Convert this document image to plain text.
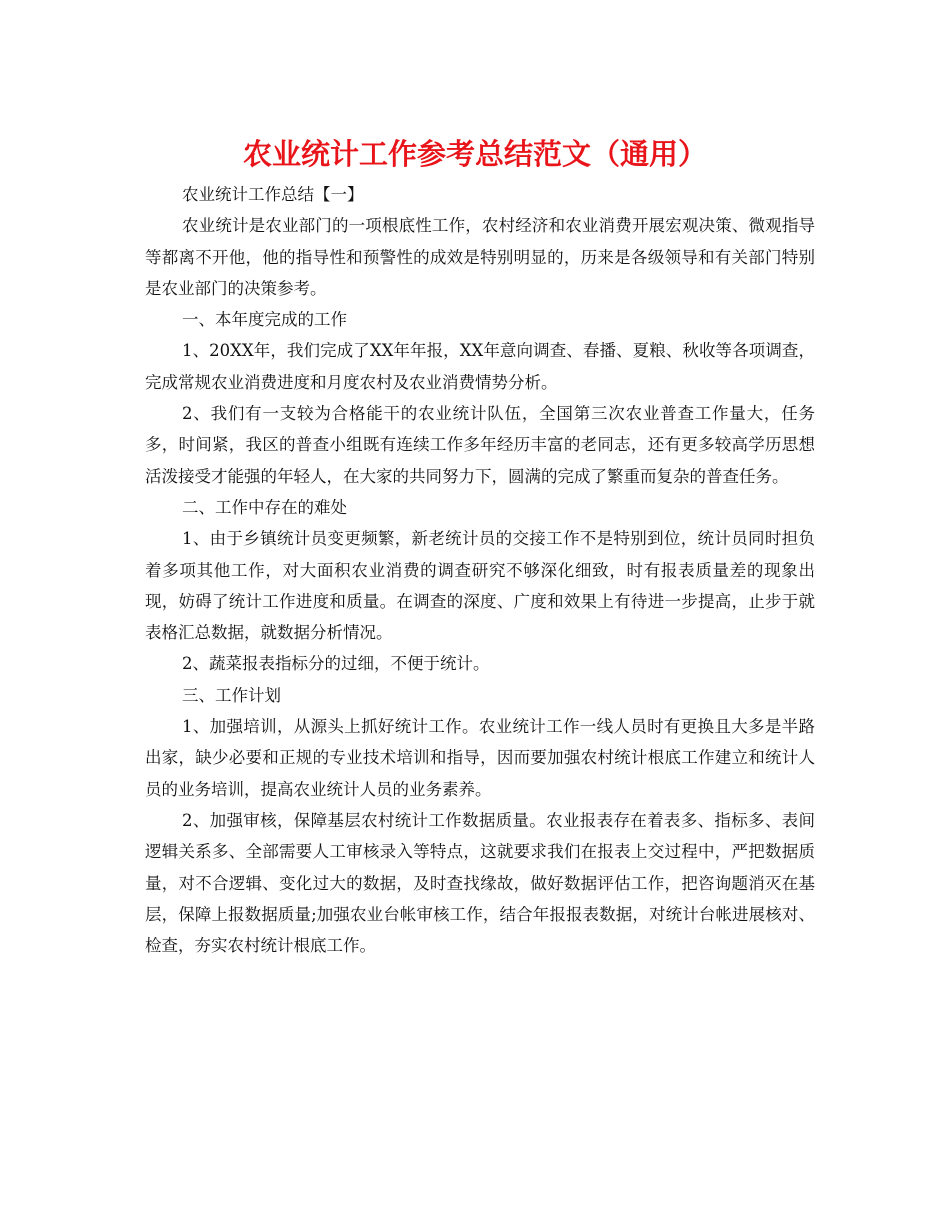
农业统计工作参考总结范文（通用）

农业统计工作总结【一】

农业统计是农业部门的一项根底性工作，农村经济和农业消费开展宏观决策、微观指导等都离不开他，他的指导性和预警性的成效是特别明显的，历来是各级领导和有关部门特别是农业部门的决策参考。

一、本年度完成的工作

1、20XX年，我们完成了XX年年报，XX年意向调查、春播、夏粮、秋收等各项调查，完成常规农业消费进度和月度农村及农业消费情势分析。

2、我们有一支较为合格能干的农业统计队伍，全国第三次农业普查工作量大，任务多，时间紧，我区的普查小组既有连续工作多年经历丰富的老同志，还有更多较高学历思想活泼接受才能强的年轻人，在大家的共同努力下，圆满的完成了繁重而复杂的普查任务。

二、工作中存在的难处

1、由于乡镇统计员变更频繁，新老统计员的交接工作不是特别到位，统计员同时担负着多项其他工作，对大面积农业消费的调查研究不够深化细致，时有报表质量差的现象出现，妨碍了统计工作进度和质量。在调查的深度、广度和效果上有待进一步提高，止步于就表格汇总数据，就数据分析情况。

2、蔬菜报表指标分的过细，不便于统计。

三、工作计划

1、加强培训，从源头上抓好统计工作。农业统计工作一线人员时有更换且大多是半路出家，缺少必要和正规的专业技术培训和指导，因而要加强农村统计根底工作建立和统计人员的业务培训，提高农业统计人员的业务素养。

2、加强审核，保障基层农村统计工作数据质量。农业报表存在着表多、指标多、表间逻辑关系多、全部需要人工审核录入等特点，这就要求我们在报表上交过程中，严把数据质量，对不合逻辑、变化过大的数据，及时查找缘故，做好数据评估工作，把咨询题消灭在基层，保障上报数据质量;加强农业台帐审核工作，结合年报报表数据，对统计台帐进展核对、检查，夯实农村统计根底工作。
